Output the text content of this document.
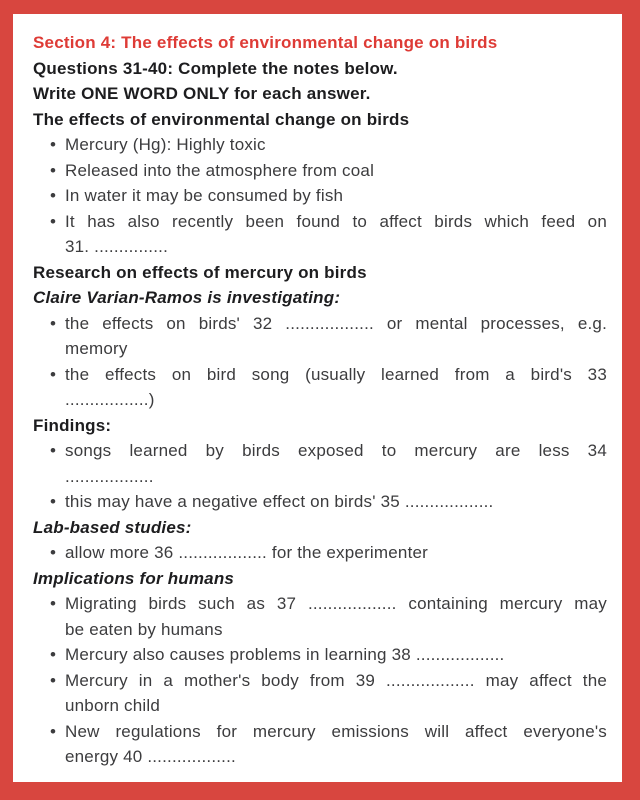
Section 4: The effects of environmental change on birds
Questions 31-40: Complete the notes below.
Write ONE WORD ONLY for each answer.
The effects of environmental change on birds
• Mercury (Hg): Highly toxic
• Released into the atmosphere from coal
• In water it may be consumed by fish
• It has also recently been found to affect birds which feed on
31. ...............
Research on effects of mercury on birds
Claire Varian-Ramos is investigating:
• the effects on birds' 32 .................. or mental processes, e.g.
memory
• the effects on bird song (usually learned from a bird's 33
.................)
Findings:
• songs learned by birds exposed to mercury are less 34
..................
• this may have a negative effect on birds' 35 ..................
Lab-based studies:
• allow more 36 .................. for the experimenter
Implications for humans
• Migrating birds such as 37 .................. containing mercury may
be eaten by humans
• Mercury also causes problems in learning 38 ..................
• Mercury in a mother's body from 39 .................. may affect the
unborn child
• New regulations for mercury emissions will affect everyone's
energy 40 ..................
